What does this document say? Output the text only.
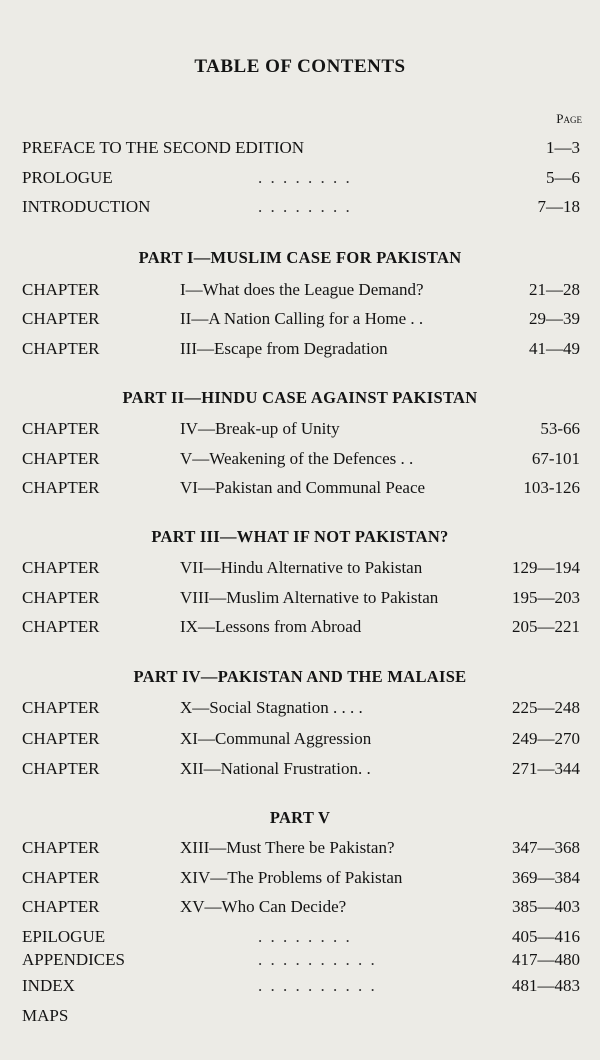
TABLE OF CONTENTS
Page
PREFACE TO THE SECOND EDITION	1—3
PROLOGUE	. . . . . . . .	5—6
INTRODUCTION	. . . . . . . .	7—18
PART I—MUSLIM CASE FOR PAKISTAN
CHAPTER	I—What does the League Demand?	21—28
CHAPTER	II—A Nation Calling for a Home . .	29—39
CHAPTER	III—Escape from Degradation	41—49
PART II—HINDU CASE AGAINST PAKISTAN
CHAPTER	IV—Break-up of Unity	53-66
CHAPTER	V—Weakening of the Defences . .	67-101
CHAPTER	VI—Pakistan and Communal Peace	103-126
PART III—WHAT IF NOT PAKISTAN?
CHAPTER	VII—Hindu Alternative to Pakistan	129—194
CHAPTER	VIII—Muslim Alternative to Pakistan	195—203
CHAPTER	IX—Lessons from Abroad	205—221
PART IV—PAKISTAN AND THE MALAISE
CHAPTER	X—Social Stagnation . . . .	225—248
CHAPTER	XI—Communal Aggression	249—270
CHAPTER	XII—National Frustration. .	271—344
PART V
CHAPTER	XIII—Must There be Pakistan?	347—368
CHAPTER	XIV—The Problems of Pakistan	369—384
CHAPTER	XV—Who Can Decide?	385—403
EPILOGUE	. . . . . . . .	405—416
APPENDICES	. . . . . . . . . .	417—480
INDEX	. . . . . . . . . .	481—483
MAPS
